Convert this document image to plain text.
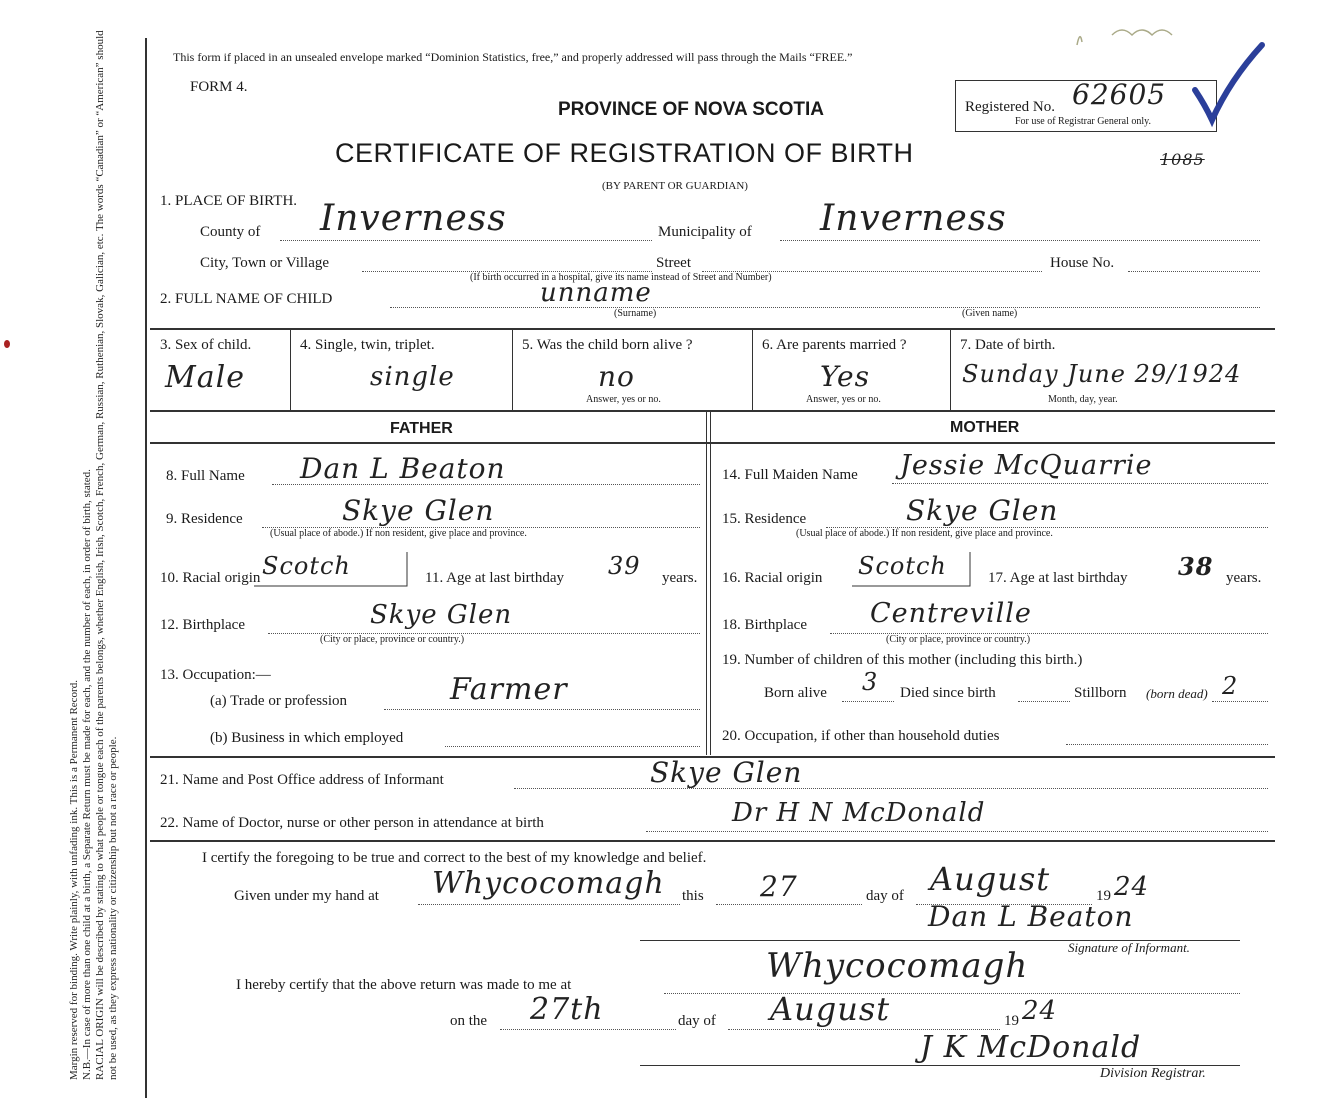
Margin reserved for binding. Write plainly, with unfading ink. This is a Permanent Record. N.B.—In case of more than one child at a birth, a Separate Return must be made for each, and the number of each, in order of birth, stated. RACIAL ORIGIN will be described by stating to what people or tongue each of the parents belongs, whether English, Irish, Scotch, French, German, Russian, Ruthenian, Slovak, Galician, etc. The words “Canadian” or “American” should not be used, as they express nationality or citizenship but not a race or people.
This form if placed in an unsealed envelope marked “Dominion Statistics, free,” and properly addressed will pass through the Mails “FREE.”
FORM 4.
PROVINCE OF NOVA SCOTIA
CERTIFICATE OF REGISTRATION OF BIRTH
(BY PARENT OR GUARDIAN)
Registered No. 62605
For use of Registrar General only.
1085
1. PLACE OF BIRTH.
County of Inverness	Municipality of Inverness
City, Town or Village	Street	House No.
(If birth occurred in a hospital, give its name instead of Street and Number)
2. FULL NAME OF CHILD	unname
(Surname)	(Given name)
3. Sex of child.
Male
4. Single, twin, triplet.
single
5. Was the child born alive ?
no
Answer, yes or no.
6. Are parents married ?
Yes
Answer, yes or no.
7. Date of birth.
Sunday June 29/1924
Month, day, year.
FATHER	MOTHER
8. Full Name Dan L Beaton
9. Residence	Skye Glen
(Usual place of abode.) If non resident, give place and province.
10. Racial origin Scotch	11. Age at last birthday 39 years.
12. Birthplace	Skye Glen
(City or place, province or country.)
13. Occupation:—
(a) Trade or profession	Farmer
(b) Business in which employed
14. Full Maiden Name Jessie McQuarrie
15. Residence	Skye Glen
(Usual place of abode.) If non resident, give place and province.
16. Racial origin Scotch	17. Age at last birthday 38 years.
18. Birthplace Centreville
(City or place, province or country.)
19. Number of children of this mother (including this birth.)
Born alive 3 Died since birth	Stillborn (born dead) 2
20. Occupation, if other than household duties
21. Name and Post Office address of Informant	Skye Glen
22. Name of Doctor, nurse or other person in attendance at birth	Dr H N McDonald
I certify the foregoing to be true and correct to the best of my knowledge and belief.
Given under my hand at Whycocomagh this 27	day of August	19 24
Dan L Beaton
Signature of Informant.
I hereby certify that the above return was made to me at	Whycocomagh
on the 27th	day of August	19 24
J K McDonald
Division Registrar.
